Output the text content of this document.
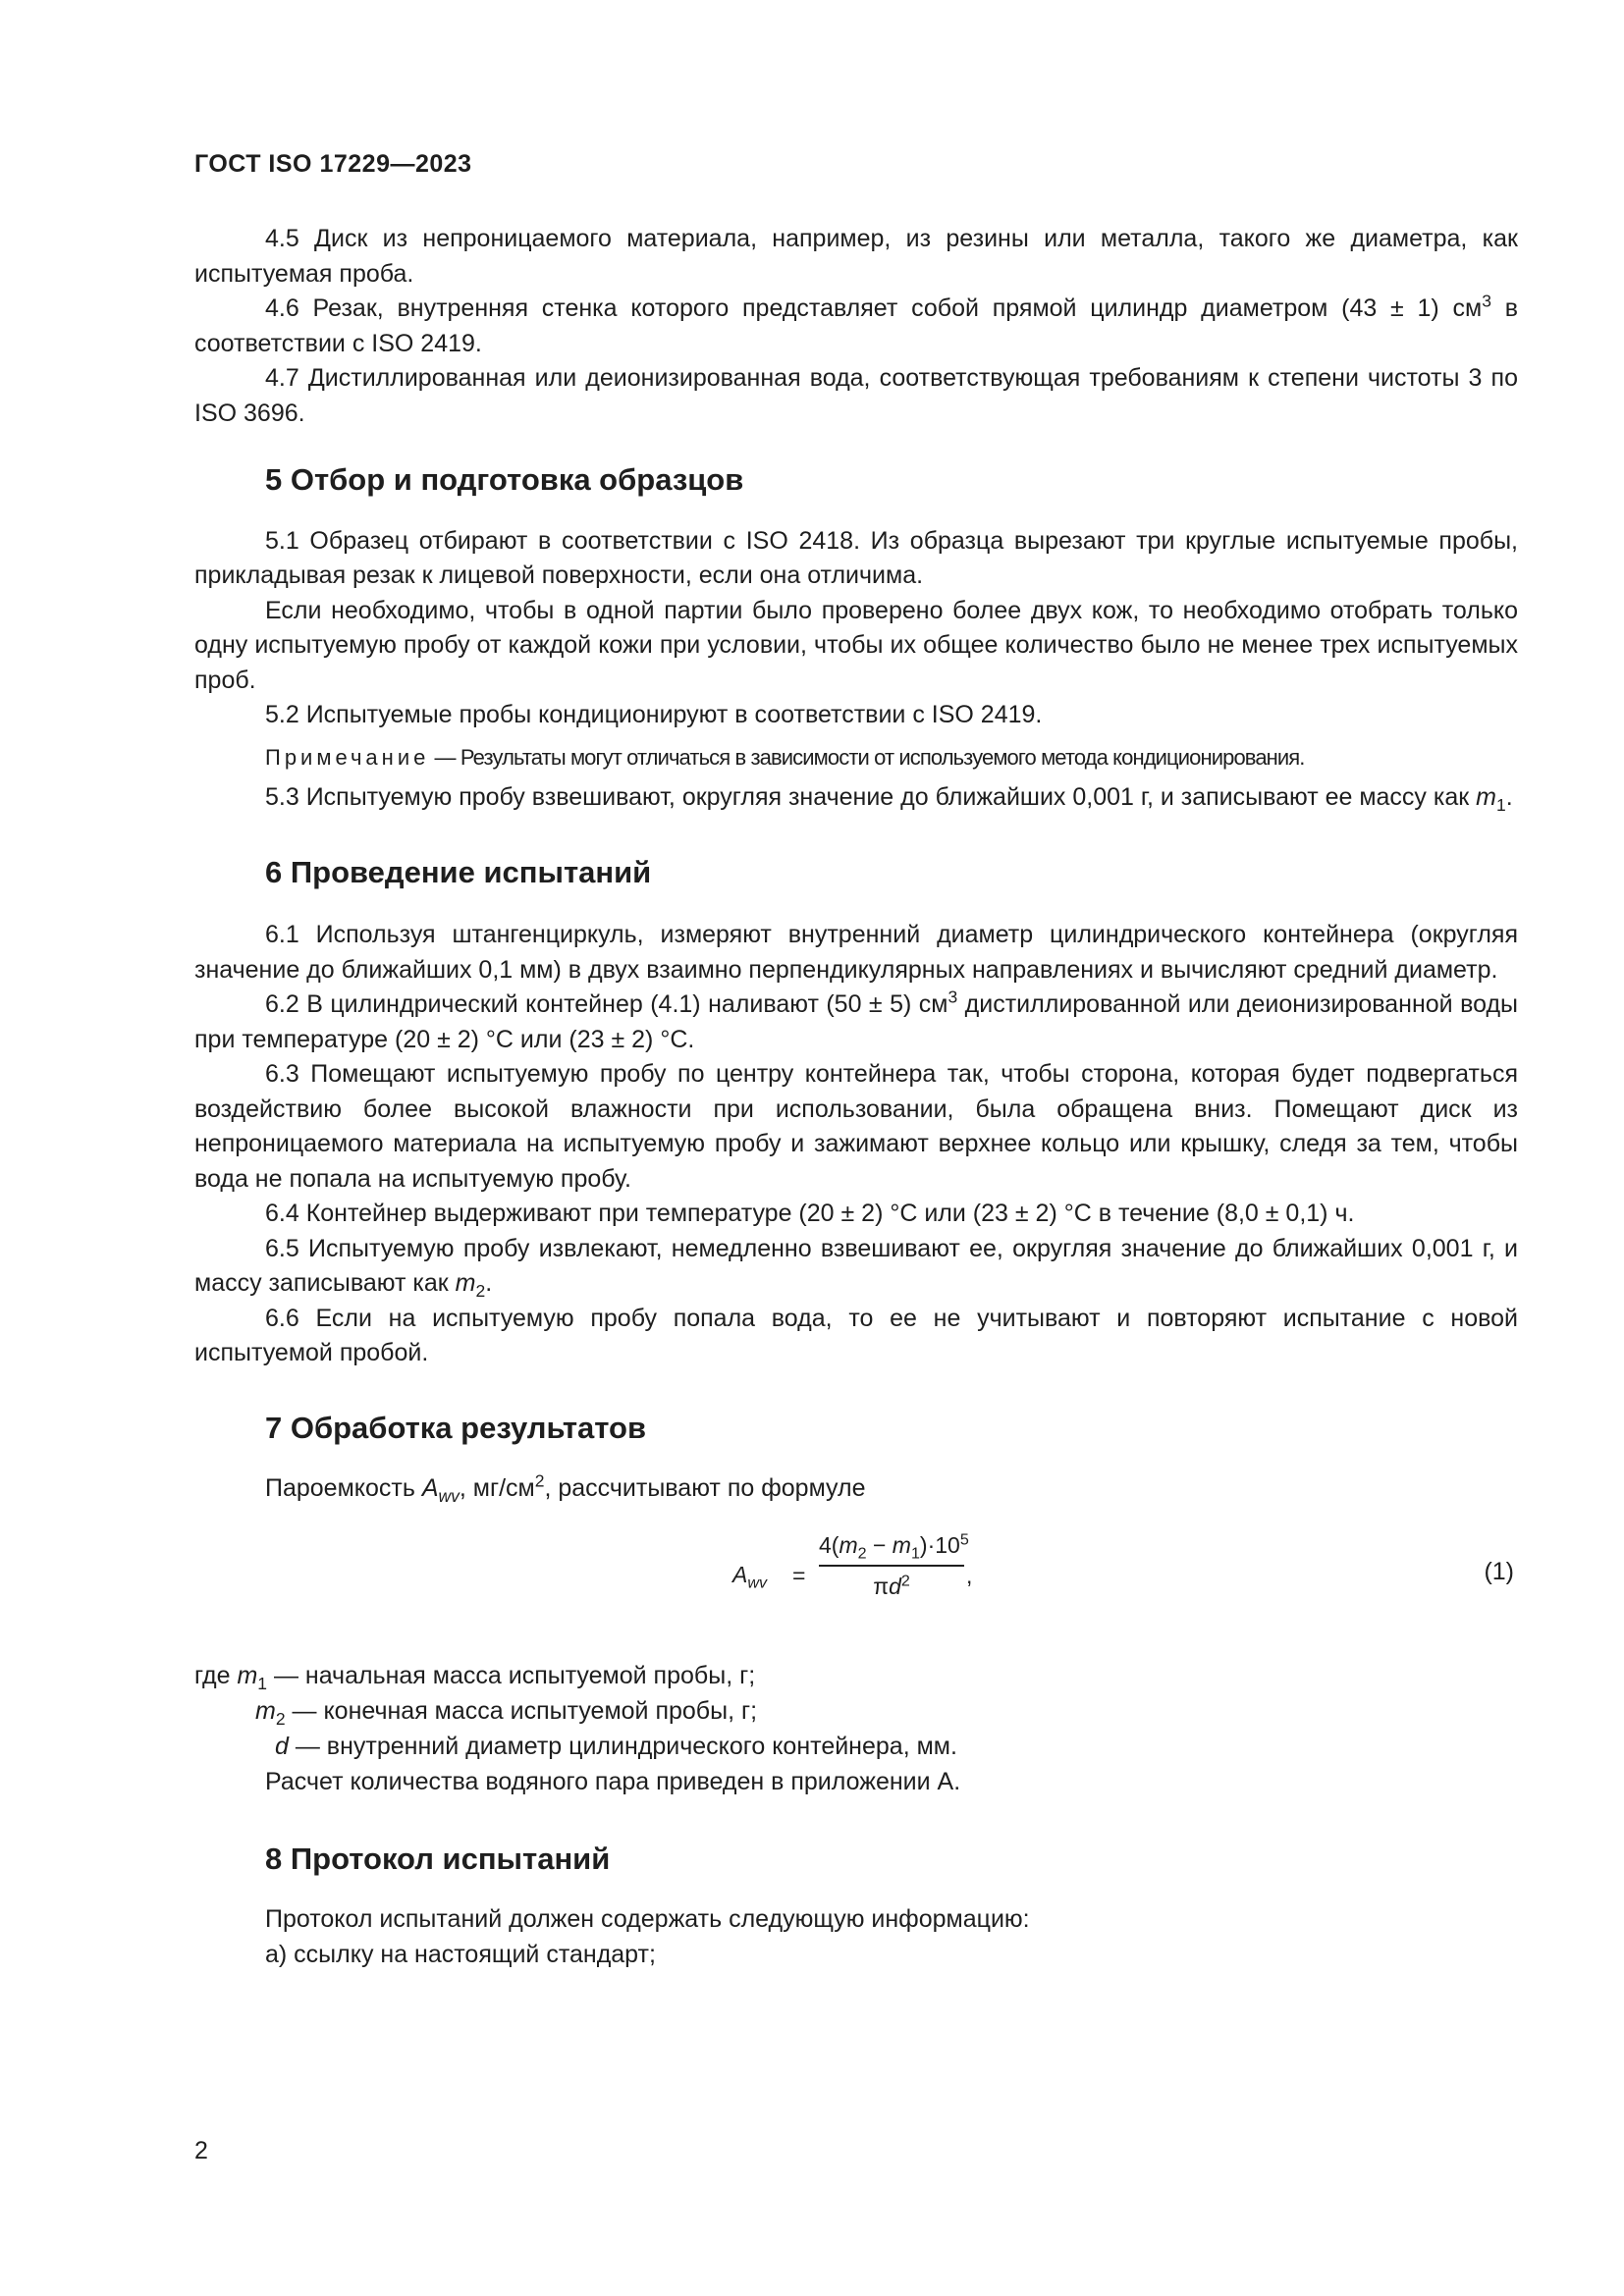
ГОСТ ISO 17229—2023

4.5 Диск из непроницаемого материала, например, из резины или металла, такого же диаметра, как испытуемая проба.

4.6 Резак, внутренняя стенка которого представляет собой прямой цилиндр диаметром (43 ± 1) $см^3$ в соответствии с ISO 2419.

4.7 Дистиллированная или деионизированная вода, соответствующая требованиям к степени чистоты 3 по ISO 3696.

5 Отбор и подготовка образцов

5.1 Образец отбирают в соответствии с ISO 2418. Из образца вырезают три круглые испытуемые пробы, прикладывая резак к лицевой поверхности, если она отличима.

Если необходимо, чтобы в одной партии было проверено более двух кож, то необходимо отобрать только одну испытуемую пробу от каждой кожи при условии, чтобы их общее количество было не менее трех испытуемых проб.

5.2 Испытуемые пробы кондиционируют в соответствии с ISO 2419.

Примечание — Результаты могут отличаться в зависимости от используемого метода кондиционирования.

5.3 Испытуемую пробу взвешивают, округляя значение до ближайших 0,001 г, и записывают ее массу как $m_1$.

6 Проведение испытаний

6.1 Используя штангенциркуль, измеряют внутренний диаметр цилиндрического контейнера (округляя значение до ближайших 0,1 мм) в двух взаимно перпендикулярных направлениях и вычисляют средний диаметр.

6.2 В цилиндрический контейнер (4.1) наливают (50 ± 5) $см^3$ дистиллированной или деионизированной воды при температуре (20 ± 2) °С или (23 ± 2) °С.

6.3 Помещают испытуемую пробу по центру контейнера так, чтобы сторона, которая будет подвергаться воздействию более высокой влажности при использовании, была обращена вниз. Помещают диск из непроницаемого материала на испытуемую пробу и зажимают верхнее кольцо или крышку, следя за тем, чтобы вода не попала на испытуемую пробу.

6.4 Контейнер выдерживают при температуре (20 ± 2) °С или (23 ± 2) °С в течение (8,0 ± 0,1) ч.

6.5 Испытуемую пробу извлекают, немедленно взвешивают ее, округляя значение до ближайших 0,001 г, и массу записывают как $m_2$.

6.6 Если на испытуемую пробу попала вода, то ее не учитывают и повторяют испытание с новой испытуемой пробой.

7 Обработка результатов

Пароемкость $A_{wv}$, $мг/см^2$, рассчитывают по формуле

$A_{wv}$ =
$4(m_2 - m_1)\cdot 10^5$
$\pi d^2$	,	(1)

где $m_1$ — начальная масса испытуемой пробы, г;

$m_2$ — конечная масса испытуемой пробы, г;

d — внутренний диаметр цилиндрического контейнера, мм.

Расчет количества водяного пара приведен в приложении А.

8 Протокол испытаний

Протокол испытаний должен содержать следующую информацию:

a) ссылку на настоящий стандарт;

2
